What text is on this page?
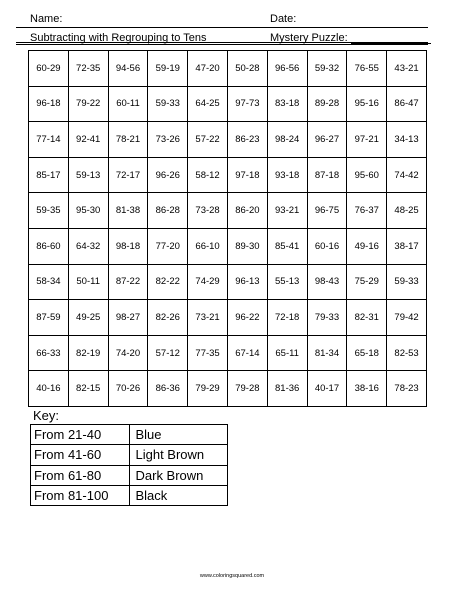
Name:	Date:
Subtracting with Regrouping to Tens	Mystery Puzzle:
60-29	72-35	94-56	59-19	47-20	50-28	96-56	59-32	76-55	43-21
96-18	79-22	60-11	59-33	64-25	97-73	83-18	89-28	95-16	86-47
77-14	92-41	78-21	73-26	57-22	86-23	98-24	96-27	97-21	34-13
85-17	59-13	72-17	96-26	58-12	97-18	93-18	87-18	95-60	74-42
59-35	95-30	81-38	86-28	73-28	86-20	93-21	96-75	76-37	48-25
86-60	64-32	98-18	77-20	66-10	89-30	85-41	60-16	49-16	38-17
58-34	50-11	87-22	82-22	74-29	96-13	55-13	98-43	75-29	59-33
87-59	49-25	98-27	82-26	73-21	96-22	72-18	79-33	82-31	79-42
66-33	82-19	74-20	57-12	77-35	67-14	65-11	81-34	65-18	82-53
40-16	82-15	70-26	86-36	79-29	79-28	81-36	40-17	38-16	78-23
Key:
From 21-40	Blue
From 41-60	Light Brown
From 61-80	Dark Brown
From 81-100	Black
www.coloringsquared.com
